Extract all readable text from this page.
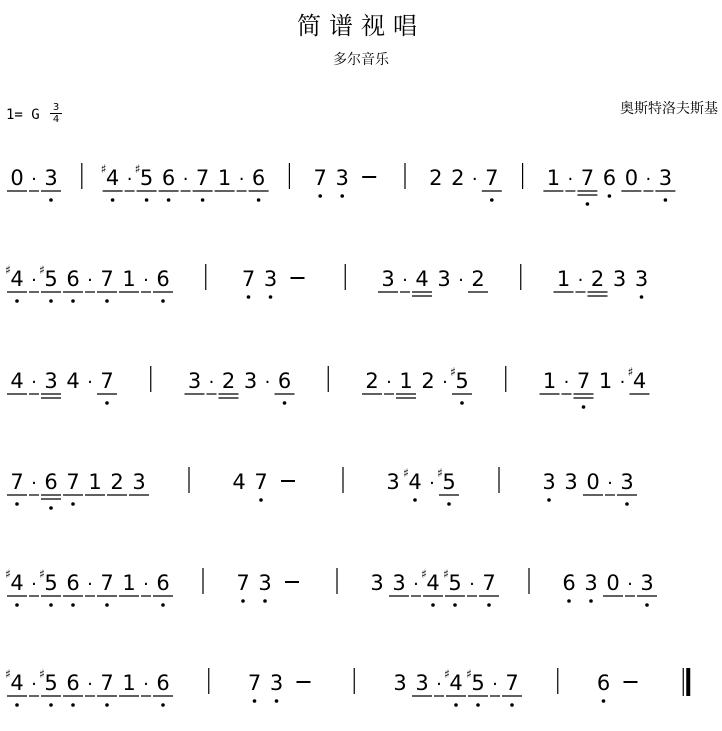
简谱视唱
多尔音乐
奥斯特洛夫斯基
1= G 3
4
0 · 3 4
♯ · 5
♯ 6 · 7 1 · 6 7 3	2 2 · 7 1 · 7 6 0 · 3
4
♯ · 5
♯ 6 · 7 1 · 6	7 3	3 · 4 3 · 2	1 · 2 3 3
4 · 3 4 · 7	3 · 2 3 · 6	2 · 1 2 · 5
♯	1 · 7 1 · 4
♯
7 · 6 7 1 2 3	4 7	3 4
♯ · 5
♯	3 3 0 · 3
4
♯ · 5
♯ 6 · 7 1 · 6	7 3	3 3 · 4
♯ 5
♯ · 7	6 3 0 · 3
4
♯ · 5
♯ 6 · 7 1 · 6	7 3	3 3 · 4
♯ 5
♯ · 7	6
